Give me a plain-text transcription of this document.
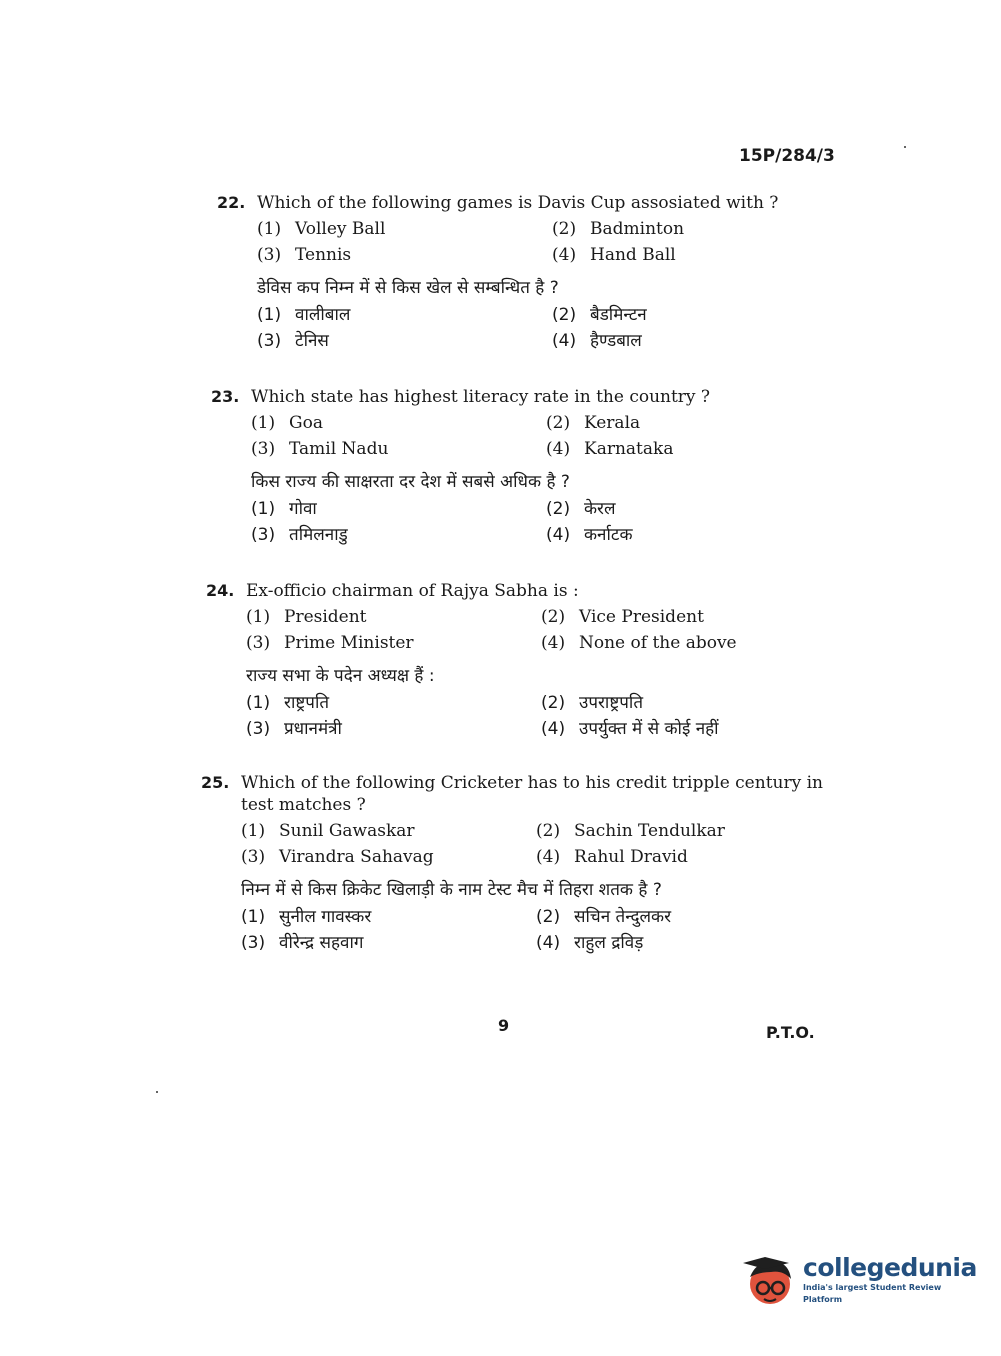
15P/284/3
22. Which of the following games is Davis Cup assosiated with ?
(1) Volley Ball	(2) Badminton
(3) Tennis	(4) Hand Ball
डेविस कप निम्न में से किस खेल से सम्बन्धित है ?
(1) वालीबाल	(2) बैडमिन्टन
(3) टेनिस	(4) हैण्डबाल
23. Which state has highest literacy rate in the country ?
(1) Goa	(2) Kerala
(3) Tamil Nadu	(4) Karnataka
किस राज्य की साक्षरता दर देश में सबसे अधिक है ?
(1) गोवा	(2) केरल
(3) तमिलनाडु	(4) कर्नाटक
24. Ex-officio chairman of Rajya Sabha is :
(1) President	(2) Vice President
(3) Prime Minister	(4) None of the above
राज्य सभा के पदेन अध्यक्ष हैं :
(1) राष्ट्रपति	(2) उपराष्ट्रपति
(3) प्रधानमंत्री	(4) उपर्युक्त में से कोई नहीं
25. Which of the following Cricketer has to his credit tripple century in test matches ?
(1) Sunil Gawaskar	(2) Sachin Tendulkar
(3) Virandra Sahavag	(4) Rahul Dravid
निम्न में से किस क्रिकेट खिलाड़ी के नाम टेस्ट मैच में तिहरा शतक है ?
(1) सुनील गावस्कर	(2) सचिन तेन्दुलकर
(3) वीरेन्द्र सहवाग	(4) राहुल द्रविड़
9	P.T.O.
collegedunia
India's largest Student Review Platform
